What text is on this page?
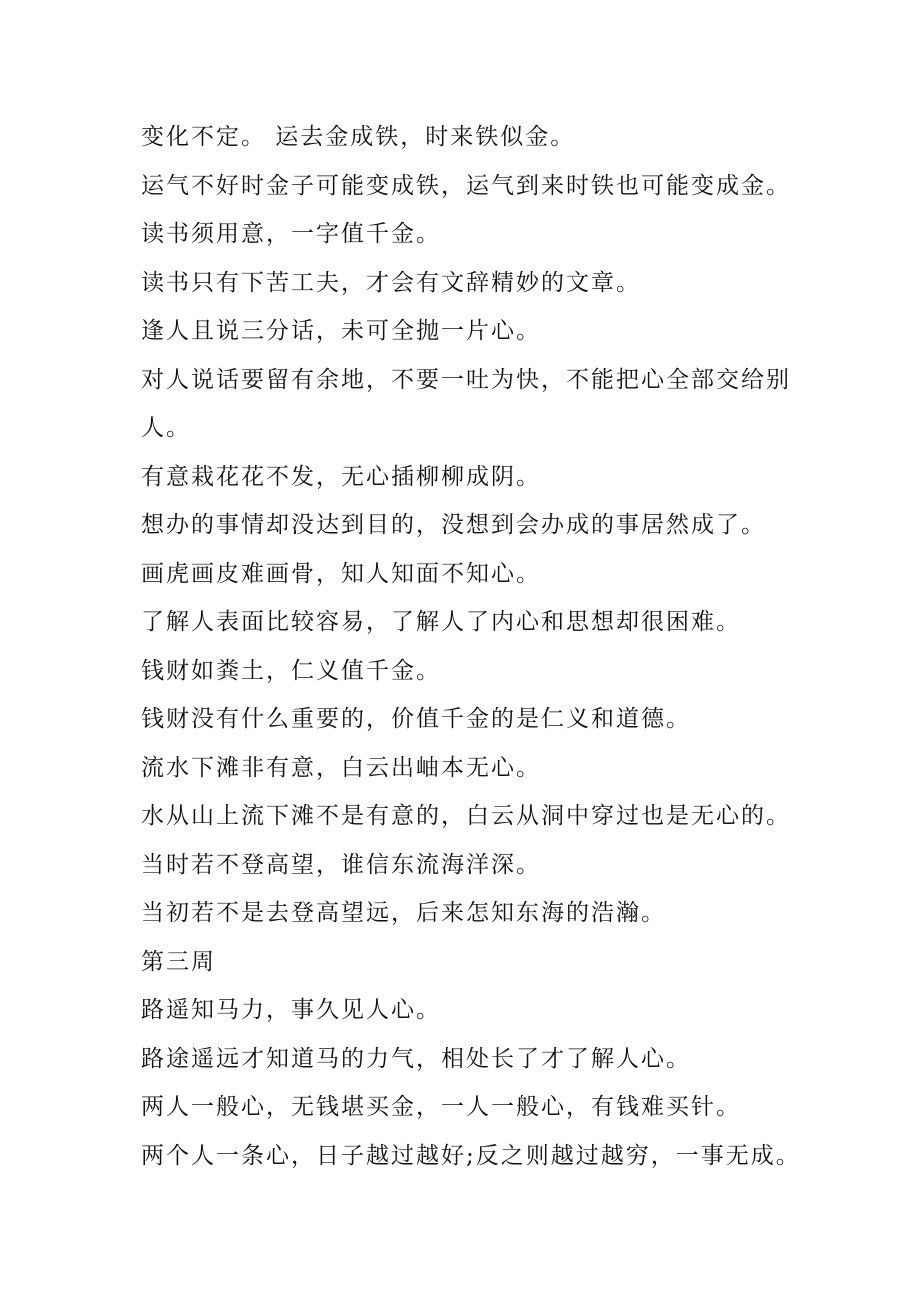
变化不定。 运去金成铁，时来铁似金。
运气不好时金子可能变成铁，运气到来时铁也可能变成金。
读书须用意，一字值千金。
读书只有下苦工夫，才会有文辞精妙的文章。
逢人且说三分话，未可全抛一片心。
对人说话要留有余地，不要一吐为快，不能把心全部交给别
人。
有意栽花花不发，无心插柳柳成阴。
想办的事情却没达到目的，没想到会办成的事居然成了。
画虎画皮难画骨，知人知面不知心。
了解人表面比较容易，了解人了内心和思想却很困难。
钱财如粪土，仁义值千金。
钱财没有什么重要的，价值千金的是仁义和道德。
流水下滩非有意，白云出岫本无心。
水从山上流下滩不是有意的，白云从洞中穿过也是无心的。
当时若不登高望，谁信东流海洋深。
当初若不是去登高望远，后来怎知东海的浩瀚。
第三周
路遥知马力，事久见人心。
路途遥远才知道马的力气，相处长了才了解人心。
两人一般心，无钱堪买金，一人一般心，有钱难买针。
两个人一条心，日子越过越好;反之则越过越穷，一事无成。
